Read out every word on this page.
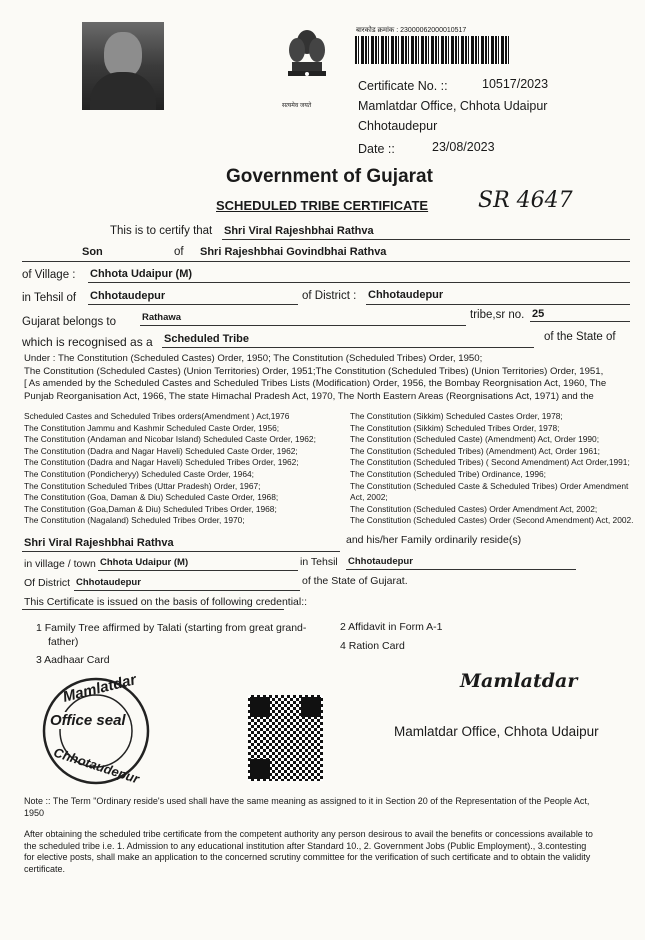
सत्यमेव जयते
बारकोड क्रमांक : 23000062000010517
Certificate No. ::	10517/2023
Mamlatdar Office, Chhota Udaipur
Chhotaudepur
Date ::	23/08/2023
Government of Gujarat
SCHEDULED TRIBE CERTIFICATE SR 4647
This is to certify that Shri Viral Rajeshbhai Rathva
Son	of Shri Rajeshbhai Govindbhai Rathva
of Village : Chhota Udaipur (M)
in Tehsil of Chhotaudepur	of District : Chhotaudepur
Gujarat belongs to	Rathawa	tribe,sr no. 25
which is recognised as a Scheduled Tribe	of the State of
Under : The Constitution (Scheduled Castes) Order, 1950; The Constitution (Scheduled Tribes) Order, 1950;
The Constitution (Scheduled Castes) (Union Territories) Order, 1951;The Constitution (Scheduled Tribes) (Union Territories) Order, 1951,
[ As amended by the Scheduled Castes and Scheduled Tribes Lists (Modification) Order, 1956, the Bombay Reorgnisation Act, 1960, The
Punjab Reorganisation Act, 1966, The state Himachal Pradesh Act, 1970, The North Eastern Areas (Reorgnisations Act, 1971) and the
Scheduled Castes and Scheduled Tribes orders(Amendment ) Act,1976
The Constitution Jammu and Kashmir Scheduled Caste Order, 1956;
The Constitution (Andaman and Nicobar Island) Scheduled Caste Order, 1962;
The Constitution (Dadra and Nagar Haveli) Scheduled Caste Order, 1962;
The Constitution (Dadra and Nagar Haveli) Scheduled Tribes Order, 1962;
The Constitution (Pondicheryy) Scheduled Caste Order, 1964;
The Constitution Scheduled Tribes (Uttar Pradesh) Order, 1967;
The Constitution (Goa, Daman & Diu) Scheduled Caste Order, 1968;
The Constitution (Goa,Daman & Diu) Scheduled Tribes Order, 1968;
The Constitution (Nagaland) Scheduled Tribes Order, 1970;
The Constitution (Sikkim) Scheduled Castes Order, 1978;
The Constitution (Sikkim) Scheduled Tribes Order, 1978;
The Constitution (Scheduled Caste) (Amendment) Act, Order 1990;
The Constitution (Scheduled Tribes) (Amendment) Act, Order 1961;
The Constitution (Scheduled Tribes) ( Second Amendment) Act Order,1991;
The Constitution (Scheduled Tribe) Ordinance, 1996;
The Constitution (Scheduled Caste & Scheduled Tribes) Order Amendment
Act, 2002;
The Constitution (Scheduled Castes) Order Amendment Act, 2002;
The Constitution (Scheduled Castes) Order (Second Amendment) Act, 2002.
Shri Viral Rajeshbhai Rathva	and his/her Family ordinarily reside(s)
in village / town Chhota Udaipur (M)	in Tehsil Chhotaudepur
Of District Chhotaudepur	of the State of Gujarat.
This Certificate is issued on the basis of following credential::
1 Family Tree affirmed by Talati (starting from great grand-
father)
2 Affidavit in Form A-1
3 Aadhaar Card
4 Ration Card
Mamlatdar
Office seal
Chhotaudepur
Mamlatdar
Mamlatdar Office, Chhota Udaipur
Note :: The Term "Ordinary reside's used shall have the same meaning as assigned to it in Section 20 of the Representation of the People Act,
1950
After obtaining the scheduled tribe certificate from the competent authority any person desirous to avail the benefits or concessions available to
the scheduled tribe i.e. 1. Admission to any educational institution after Standard 10., 2. Government Jobs (Public Employment)., 3.contesting
for elective posts, shall make an application to the concerned scrutiny committee for the verification of such certificate and to obtain the validity
certificate.
